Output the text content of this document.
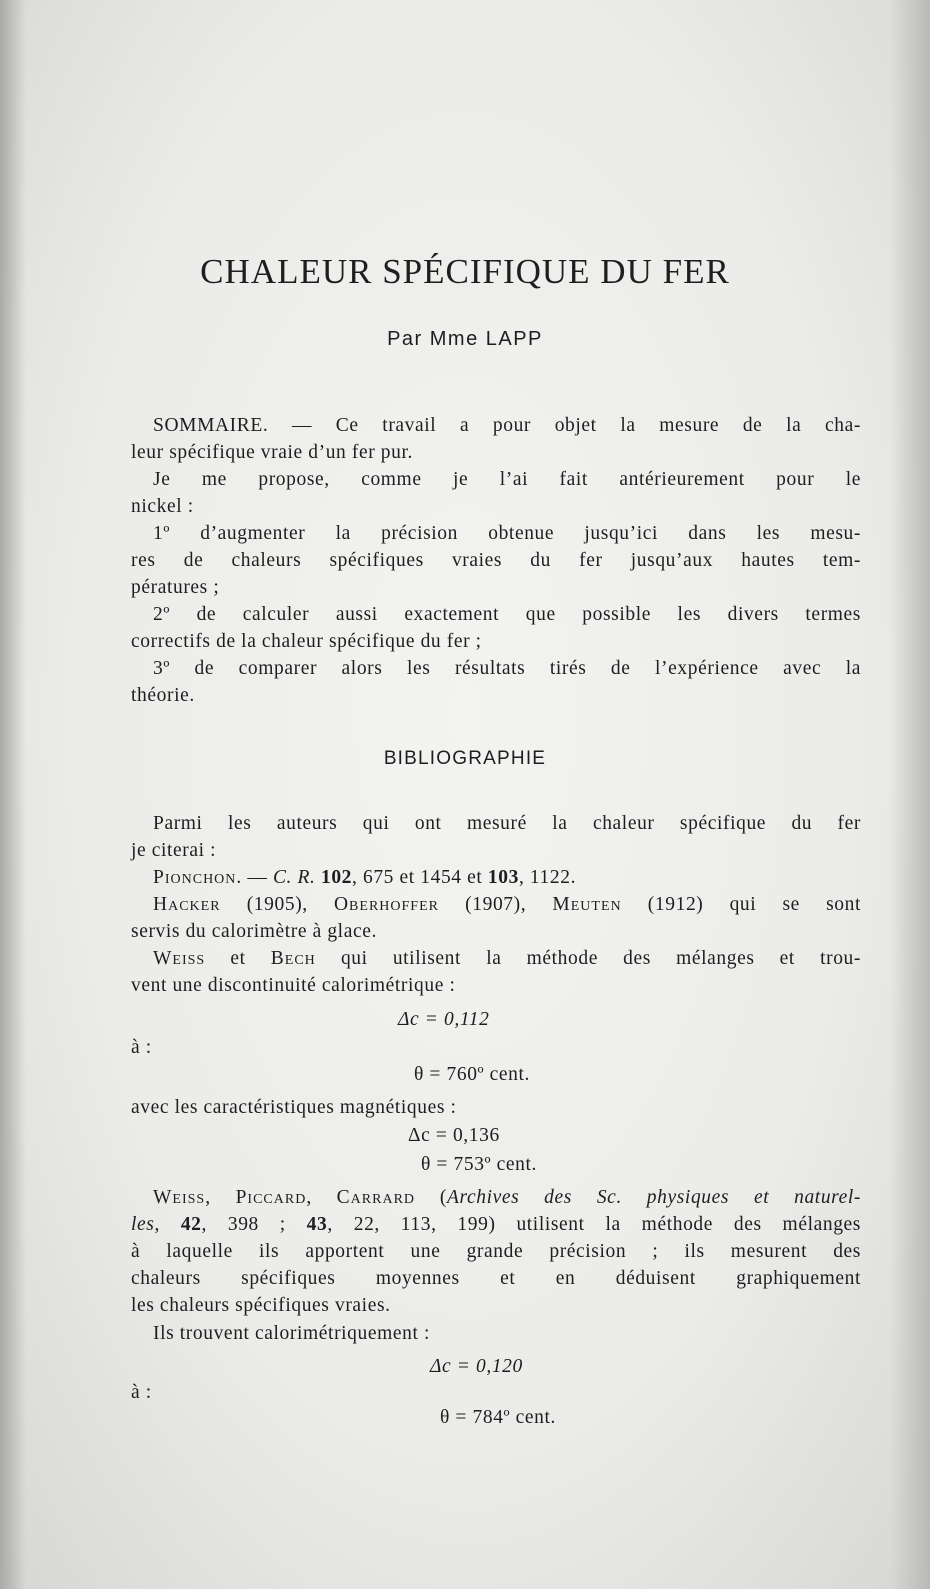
CHALEUR SPÉCIFIQUE DU FER
Par Mme LAPP
SOMMAIRE. — Ce travail a pour objet la mesure de la cha-
leur spécifique vraie d’un fer pur.
Je me propose, comme je l’ai fait antérieurement pour le
nickel :
1º d’augmenter la précision obtenue jusqu’ici dans les mesu-
res de chaleurs spécifiques vraies du fer jusqu’aux hautes tem-
pératures ;
2º de calculer aussi exactement que possible les divers termes
correctifs de la chaleur spécifique du fer ;
3º de comparer alors les résultats tirés de l’expérience avec la
théorie.
BIBLIOGRAPHIE
Parmi les auteurs qui ont mesuré la chaleur spécifique du fer
je citerai :
Pionchon. — C. R. 102, 675 et 1454 et 103, 1122.
Hacker (1905), Oberhoffer (1907), Meuten (1912) qui se sont
servis du calorimètre à glace.
Weiss et Bech qui utilisent la méthode des mélanges et trou-
vent une discontinuité calorimétrique :
Δc = 0,112
à :
θ = 760º cent.
avec les caractéristiques magnétiques :
Δc = 0,136
θ = 753º cent.
Weiss, Piccard, Carrard (Archives des Sc. physiques et naturel-
les, 42, 398 ; 43, 22, 113, 199) utilisent la méthode des mélanges
à laquelle ils apportent une grande précision ; ils mesurent des
chaleurs spécifiques moyennes et en déduisent graphiquement
les chaleurs spécifiques vraies.
Ils trouvent calorimétriquement :
Δc = 0,120
à :
θ = 784º cent.
